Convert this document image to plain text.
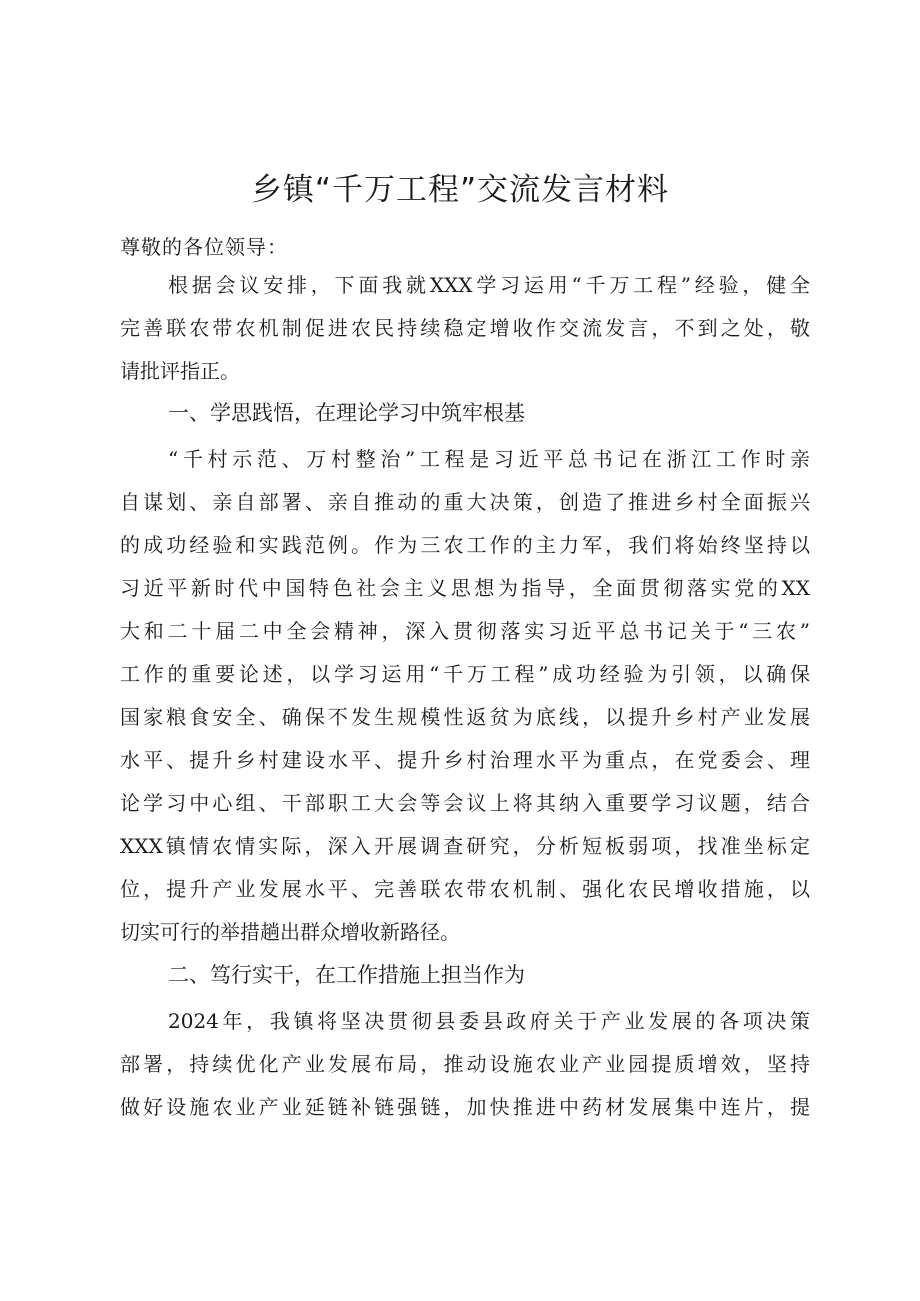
乡镇“千万工程”交流发言材料

尊敬的各位领导：

根据会议安排，下面我就XXX学习运用“千万工程”经验，健全
完善联农带农机制促进农民持续稳定增收作交流发言，不到之处，敬
请批评指正。
一、学思践悟，在理论学习中筑牢根基
“千村示范、万村整治”工程是习近平总书记在浙江工作时亲
自谋划、亲自部署、亲自推动的重大决策，创造了推进乡村全面振兴
的成功经验和实践范例。作为三农工作的主力军，我们将始终坚持以
习近平新时代中国特色社会主义思想为指导，全面贯彻落实党的XX
大和二十届二中全会精神，深入贯彻落实习近平总书记关于“三农”
工作的重要论述，以学习运用“千万工程”成功经验为引领，以确保
国家粮食安全、确保不发生规模性返贫为底线，以提升乡村产业发展
水平、提升乡村建设水平、提升乡村治理水平为重点，在党委会、理
论学习中心组、干部职工大会等会议上将其纳入重要学习议题，结合
XXX镇情农情实际，深入开展调查研究，分析短板弱项，找准坐标定
位，提升产业发展水平、完善联农带农机制、强化农民增收措施，以
切实可行的举措趟出群众增收新路径。
二、笃行实干，在工作措施上担当作为
2024年，我镇将坚决贯彻县委县政府关于产业发展的各项决策
部署，持续优化产业发展布局，推动设施农业产业园提质增效，坚持
做好设施农业产业延链补链强链，加快推进中药材发展集中连片，提
